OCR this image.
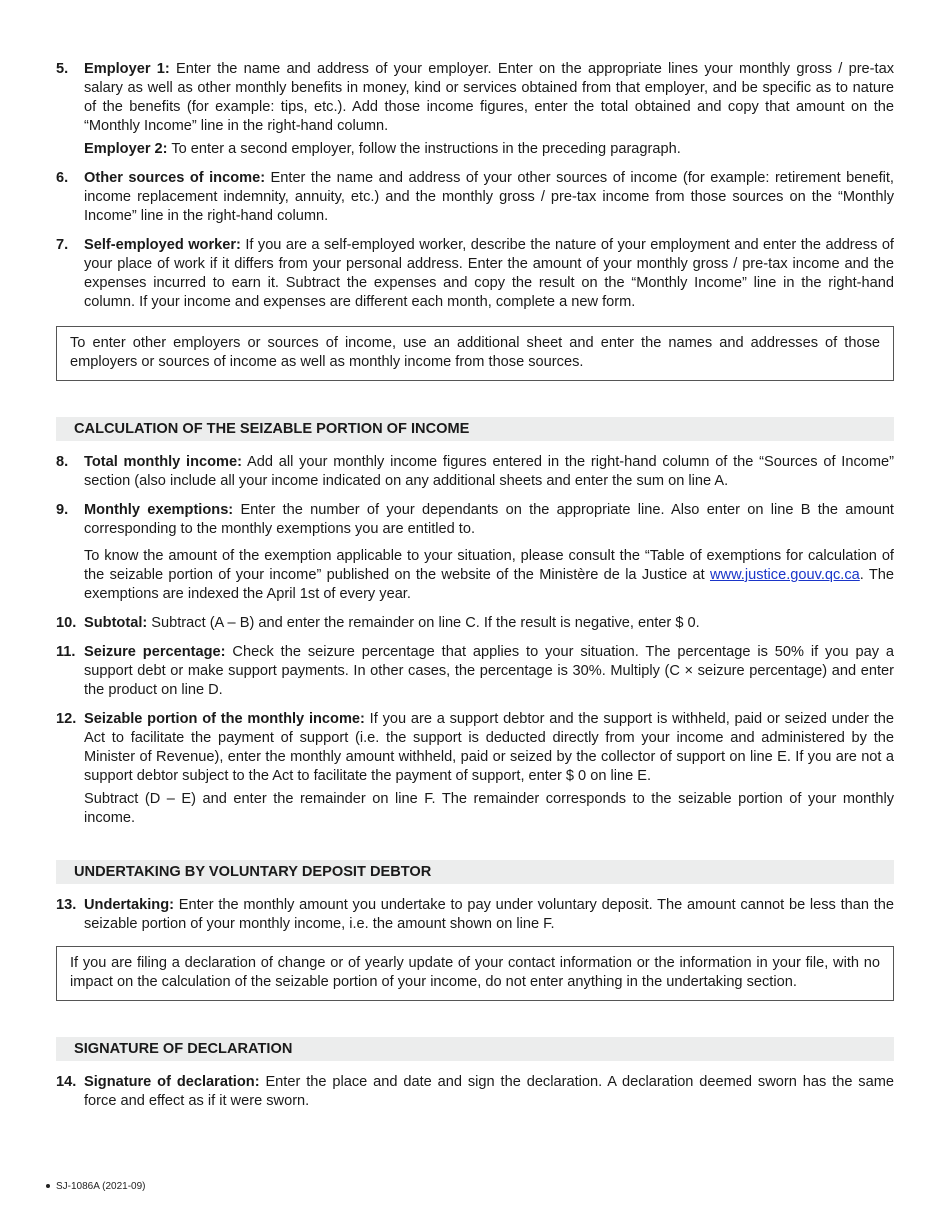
5. Employer 1: Enter the name and address of your employer. Enter on the appropriate lines your monthly gross / pre-tax salary as well as other monthly benefits in money, kind or services obtained from that employer, and be specific as to nature of the benefits (for example: tips, etc.). Add those income figures, enter the total obtained and copy that amount on the “Monthly Income” line in the right-hand column.

Employer 2: To enter a second employer, follow the instructions in the preceding paragraph.

6. Other sources of income: Enter the name and address of your other sources of income (for example: retirement benefit, income replacement indemnity, annuity, etc.) and the monthly gross / pre-tax income from those sources on the “Monthly Income” line in the right-hand column.

7. Self-employed worker: If you are a self-employed worker, describe the nature of your employment and enter the address of your place of work if it differs from your personal address. Enter the amount of your monthly gross / pre-tax income and the expenses incurred to earn it. Subtract the expenses and copy the result on the “Monthly Income” line in the right-hand column. If your income and expenses are different each month, complete a new form.

To enter other employers or sources of income, use an additional sheet and enter the names and addresses of those employers or sources of income as well as monthly income from those sources.
CALCULATION OF THE SEIZABLE PORTION OF INCOME
8. Total monthly income: Add all your monthly income figures entered in the right-hand column of the “Sources of Income” section (also include all your income indicated on any additional sheets and enter the sum on line A.

9. Monthly exemptions: Enter the number of your dependants on the appropriate line. Also enter on line B the amount corresponding to the monthly exemptions you are entitled to.

To know the amount of the exemption applicable to your situation, please consult the “Table of exemptions for calculation of the seizable portion of your income” published on the website of the Ministère de la Justice at www.justice.gouv.qc.ca. The exemptions are indexed the April 1st of every year.

10. Subtotal: Subtract (A – B) and enter the remainder on line C. If the result is negative, enter $ 0.

11. Seizure percentage: Check the seizure percentage that applies to your situation. The percentage is 50% if you pay a support debt or make support payments. In other cases, the percentage is 30%. Multiply (C × seizure percentage) and enter the product on line D.

12. Seizable portion of the monthly income: If you are a support debtor and the support is withheld, paid or seized under the Act to facilitate the payment of support (i.e. the support is deducted directly from your income and administered by the Minister of Revenue), enter the monthly amount withheld, paid or seized by the collector of support on line E. If you are not a support debtor subject to the Act to facilitate the payment of support, enter $ 0 on line E.

Subtract (D – E) and enter the remainder on line F. The remainder corresponds to the seizable portion of your monthly income.

UNDERTAKING BY VOLUNTARY DEPOSIT DEBTOR
13. Undertaking: Enter the monthly amount you undertake to pay under voluntary deposit. The amount cannot be less than the seizable portion of your monthly income, i.e. the amount shown on line F.

If you are filing a declaration of change or of yearly update of your contact information or the information in your file, with no impact on the calculation of the seizable portion of your income, do not enter anything in the undertaking section.
SIGNATURE OF DECLARATION
14. Signature of declaration: Enter the place and date and sign the declaration. A declaration deemed sworn has the same force and effect as if it were sworn.

SJ-1086A (2021-09)
